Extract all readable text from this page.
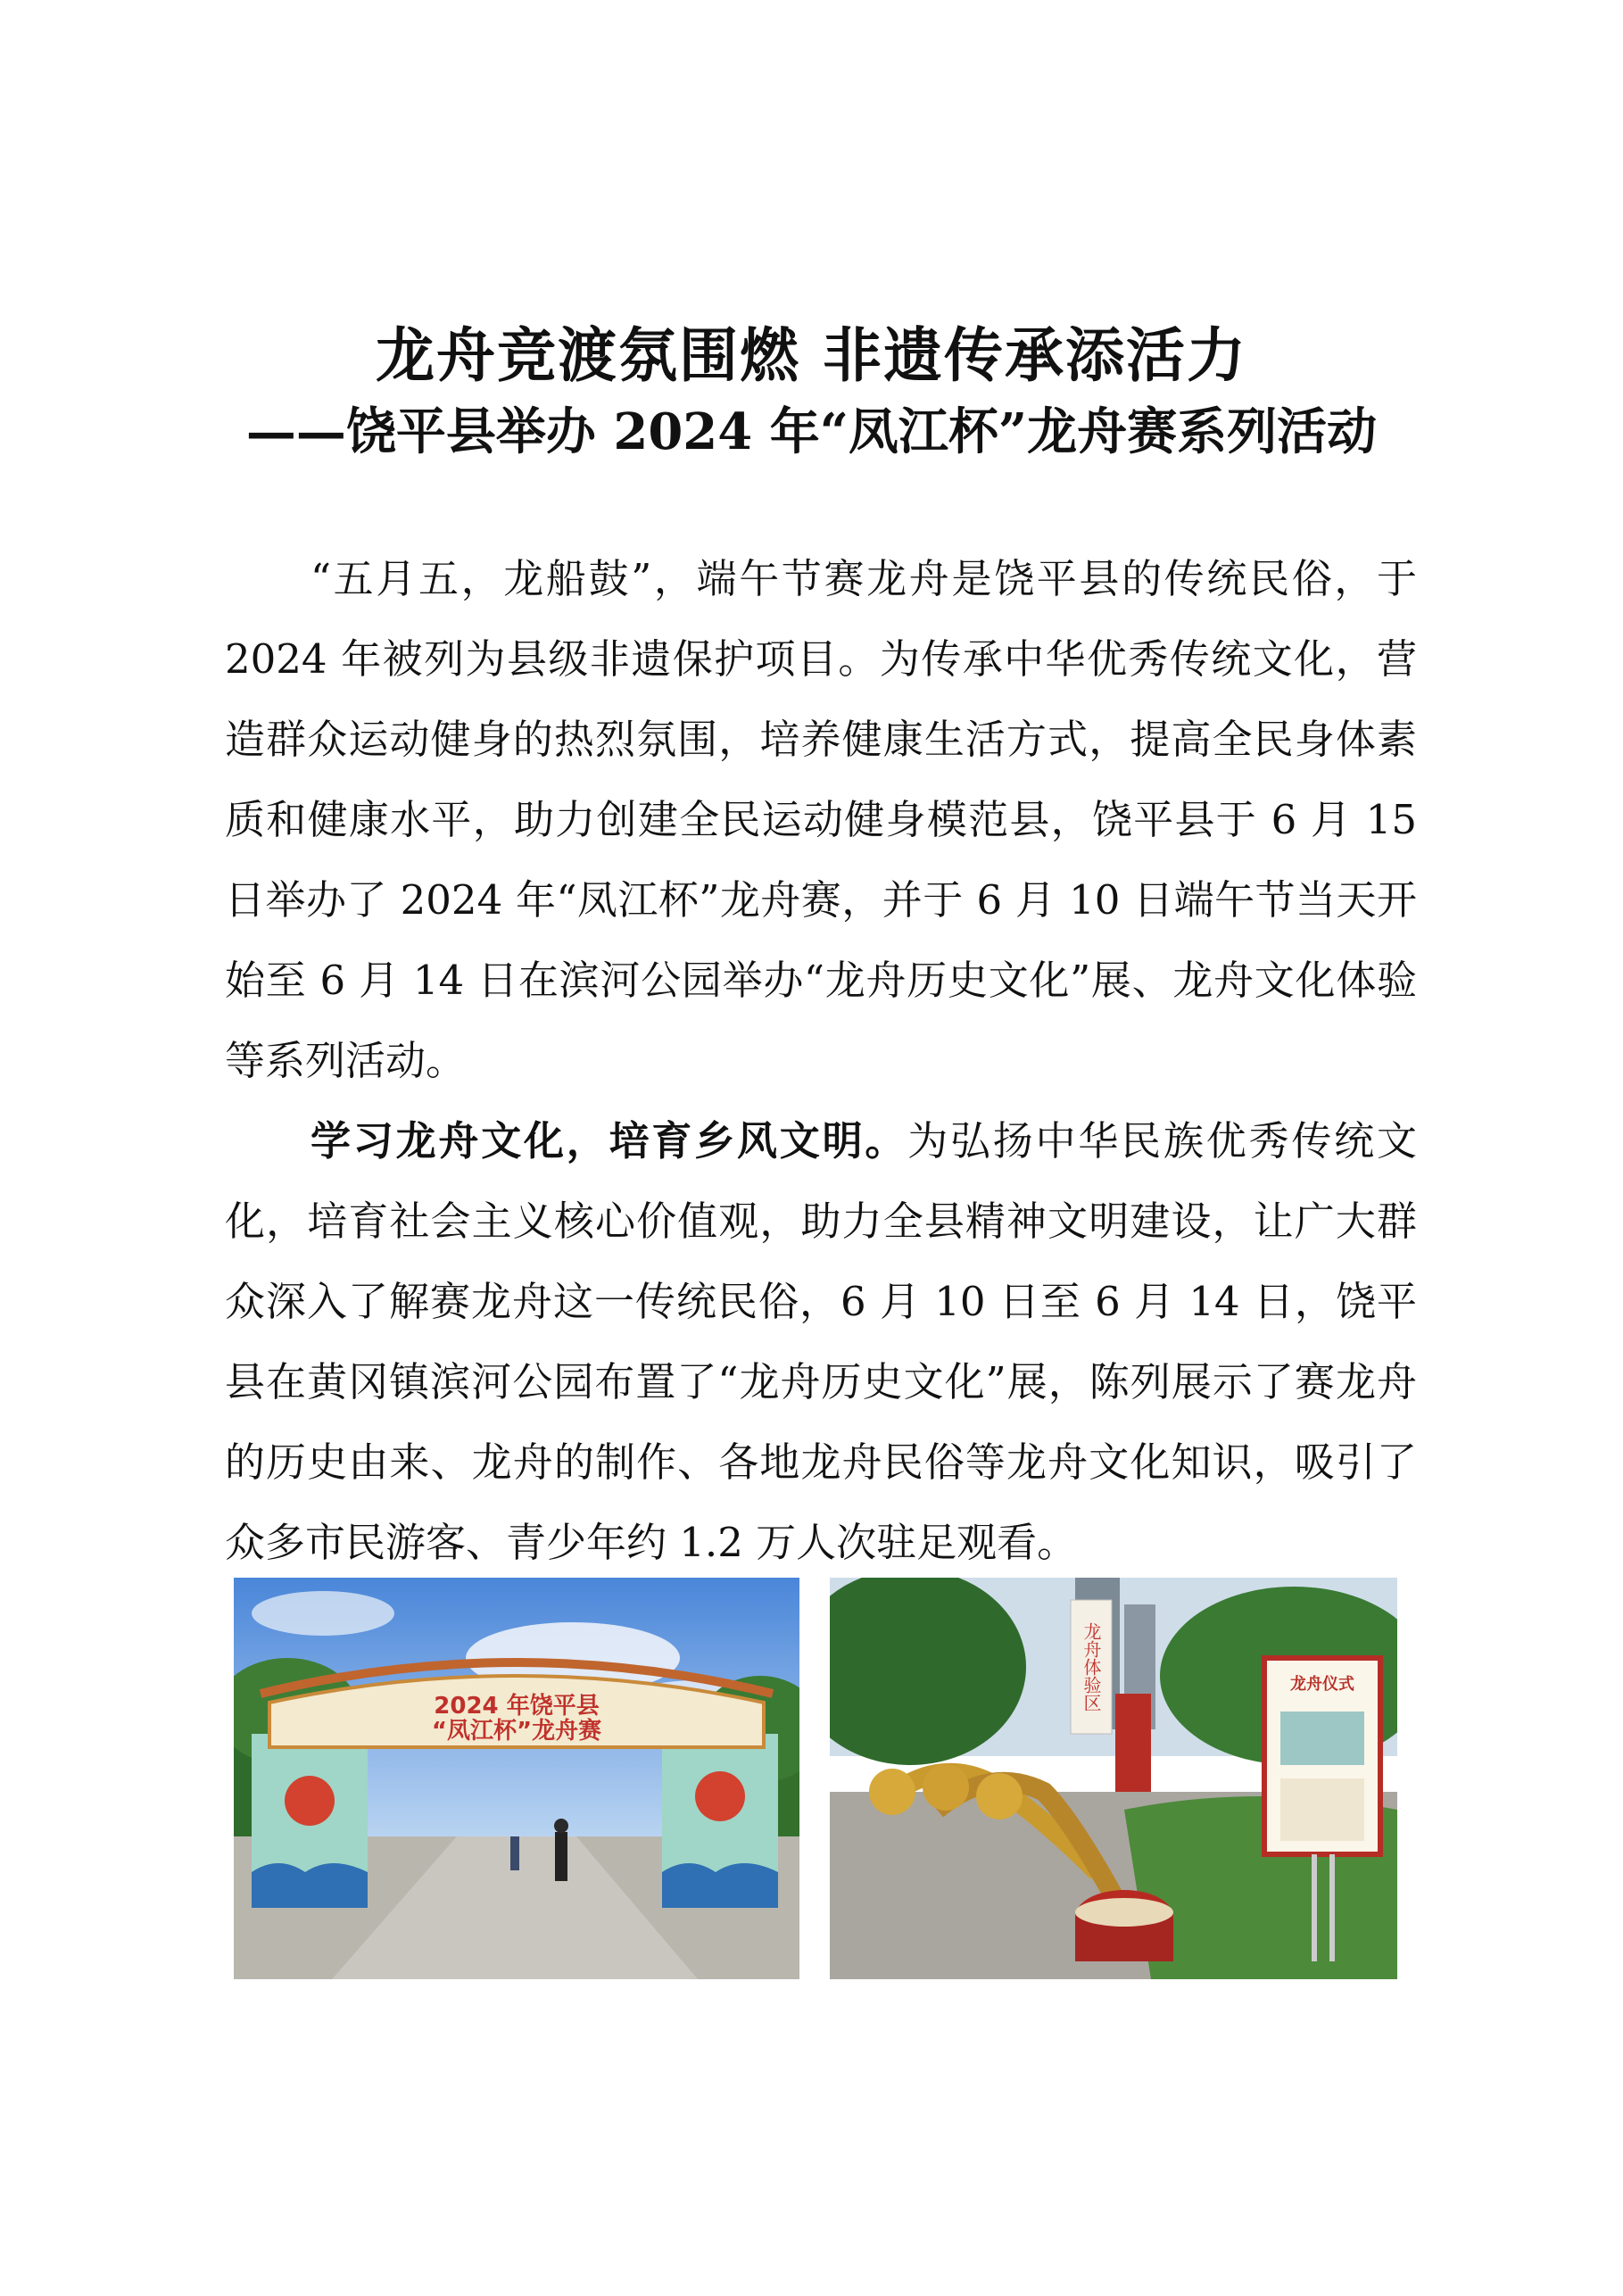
龙舟竞渡氛围燃 非遗传承添活力
——饶平县举办 2024 年“凤江杯”龙舟赛系列活动

“五月五，龙船鼓”，端午节赛龙舟是饶平县的传统民俗，于 2024 年被列为县级非遗保护项目。为传承中华优秀传统文化，营造群众运动健身的热烈氛围，培养健康生活方式，提高全民身体素质和健康水平，助力创建全民运动健身模范县，饶平县于 6 月 15 日举办了 2024 年“凤江杯”龙舟赛，并于 6 月 10 日端午节当天开始至 6 月 14 日在滨河公园举办“龙舟历史文化”展、龙舟文化体验等系列活动。

学习龙舟文化，培育乡风文明。为弘扬中华民族优秀传统文化，培育社会主义核心价值观，助力全县精神文明建设，让广大群众深入了解赛龙舟这一传统民俗，6 月 10 日至 6 月 14 日，饶平县在黄冈镇滨河公园布置了“龙舟历史文化”展，陈列展示了赛龙舟的历史由来、龙舟的制作、各地龙舟民俗等龙舟文化知识，吸引了众多市民游客、青少年约 1.2 万人次驻足观看。

2024 年饶平县
“凤江杯”龙舟赛
龙舟体验区	龙舟仪式
